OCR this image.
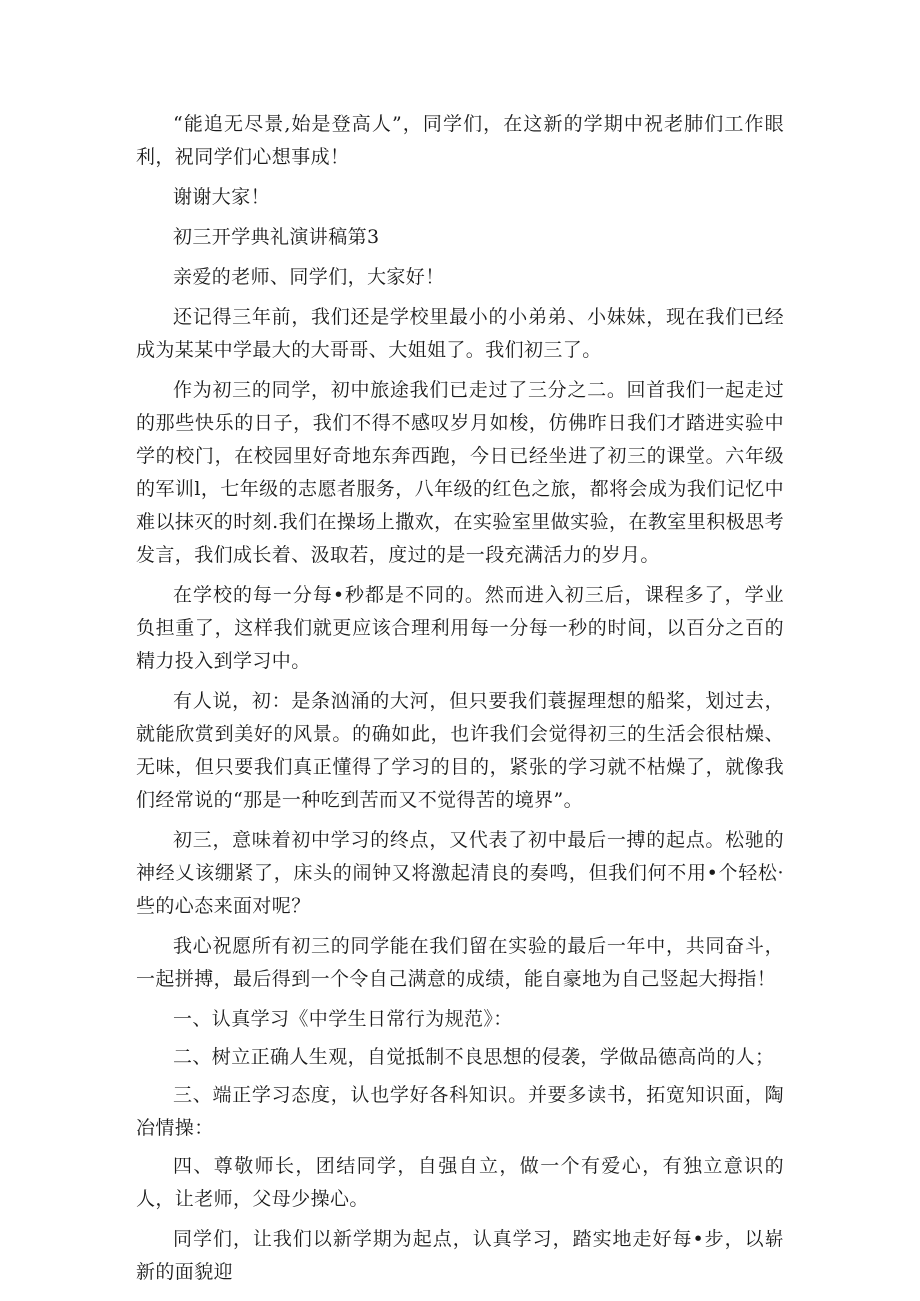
“能追无尽景,始是登高人”，同学们，在这新的学期中祝老肺们工作眼利，祝同学们心想事成！

谢谢大家！

初三开学典礼演讲稿第3

亲爱的老师、同学们，大家好！

还记得三年前，我们还是学校里最小的小弟弟、小妹妹，现在我们已经成为某某中学最大的大哥哥、大姐姐了。我们初三了。

作为初三的同学，初中旅途我们已走过了三分之二。回首我们一起走过的那些快乐的日子，我们不得不感叹岁月如梭，仿佛昨日我们才踏进实验中学的校门，在校园里好奇地东奔西跑，今日已经坐进了初三的课堂。六年级的军训l，七年级的志愿者服务，八年级的红色之旅，都将会成为我们记忆中难以抹灭的时刻.我们在操场上撒欢，在实验室里做实验，在教室里积极思考发言，我们成长着、汲取若，度过的是一段充满活力的岁月。

在学校的每一分每•秒都是不同的。然而进入初三后，课程多了，学业负担重了，这样我们就更应该合理利用每一分每一秒的时间，以百分之百的精力投入到学习中。

有人说，初：是条汹涌的大河，但只要我们蓑握理想的船桨，划过去，就能欣赏到美好的风景。的确如此，也许我们会觉得初三的生活会很枯燥、无味，但只要我们真正懂得了学习的目的，紧张的学习就不枯燥了，就像我们经常说的“那是一种吃到苦而又不觉得苦的境界”。

初三，意味着初中学习的终点，又代表了初中最后一搏的起点。松驰的神经乂该绷紧了，床头的闹钟又将激起清良的奏鸣，但我们何不用•个轻松·些的心态来面对呢？

我心祝愿所有初三的同学能在我们留在实验的最后一年中，共同奋斗，一起拼搏，最后得到一个令自己满意的成绩，能自豪地为自己竖起大拇指！

一、认真学习《中学生日常行为规范》：

二、树立正确人生观，自觉抵制不良思想的侵袭，学做品德高尚的人；

三、端正学习态度，认也学好各科知识。并要多读书，拓宽知识面，陶冶情操：

四、尊敬师长，团结同学，自强自立，做一个有爱心，有独立意识的人，让老师，父母少操心。

同学们，让我们以新学期为起点，认真学习，踏实地走好每•步，以崭新的面貌迎
